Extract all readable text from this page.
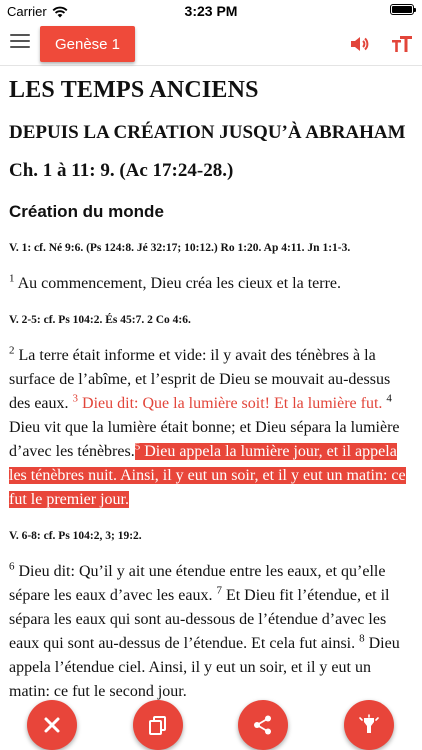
Carrier	3:23 PM
Genèse 1
LES TEMPS ANCIENS
DEPUIS LA CRÉATION JUSQU’À ABRAHAM
Ch. 1 à 11: 9. (Ac 17:24-28.)
Création du monde
V. 1: cf. Né 9:6. (Ps 124:8. Jé 32:17; 10:12.) Ro 1:20. Ap 4:11. Jn 1:1-3.

$^1$ Au commencement, Dieu créa les cieux et la terre.

V. 2-5: cf. Ps 104:2. És 45:7. 2 Co 4:6.

$^2$ La terre était informe et vide: il y avait des ténèbres à la surface de l’abîme, et l’esprit de Dieu se mouvait au-dessus des eaux. $^3$ Dieu dit: Que la lumière soit! Et la lumière fut. $^4$ Dieu vit que la lumière était bonne; et Dieu sépara la lumière d’avec les ténèbres.$^5$ Dieu appela la lumière jour, et il appela les ténèbres nuit. Ainsi, il y eut un soir, et il y eut un matin: ce fut le premier jour.

V. 6-8: cf. Ps 104:2, 3; 19:2.

$^6$ Dieu dit: Qu’il y ait une étendue entre les eaux, et qu’elle sépare les eaux d’avec les eaux. $^7$ Et Dieu fit l’étendue, et il sépara les eaux qui sont au-dessous de l’étendue d’avec les eaux qui sont au-dessus de l’étendue. Et cela fut ainsi. $^8$ Dieu appela l’étendue ciel. Ainsi, il y eut un soir, et il y eut un matin: ce fut le second jour.
